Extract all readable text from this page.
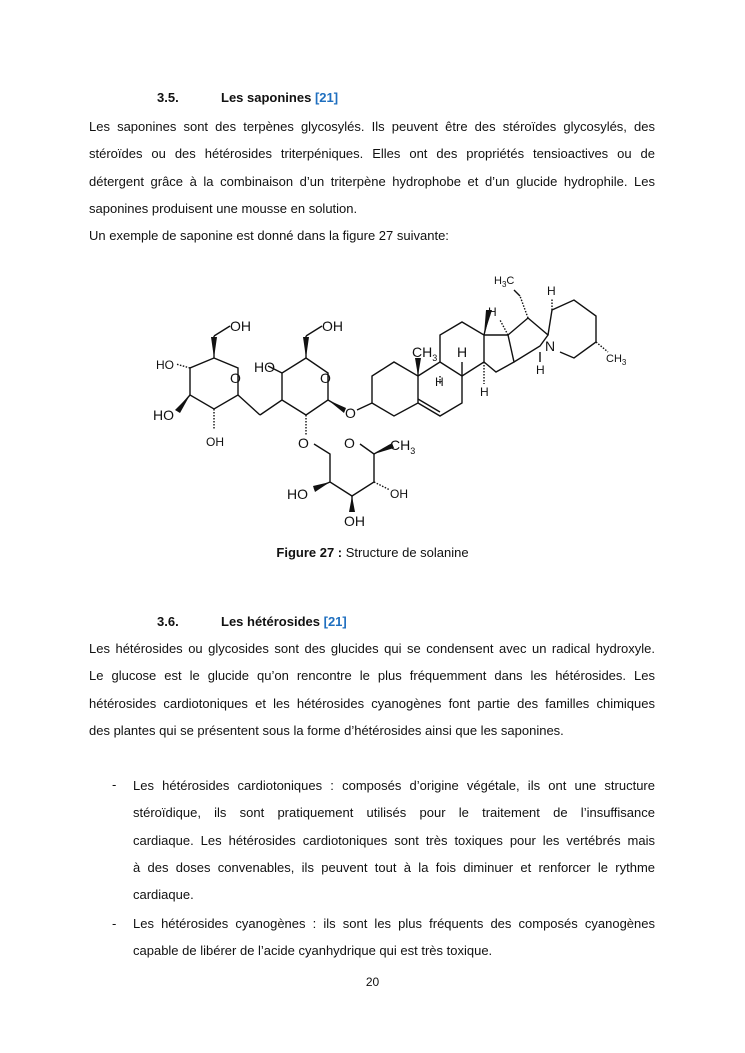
3.5.	Les saponines [21]
Les saponines sont des terpènes glycosylés. Ils peuvent être des stéroïdes glycosylés, des
stéroïdes ou des hétérosides triterpéniques. Elles ont des propriétés tensioactives ou de
détergent grâce à la combinaison d’un triterpène hydrophobe et d’un glucide hydrophile. Les
saponines produisent une mousse en solution.
Un exemple de saponine est donné dans la figure 27 suivante:
OH	OH
HO
O
HO
OH
HO
O
O
O	O	$CH_3$
HO	OH
OH
$CH_3$
H
H
H
H
$H_3C$
H
N
H
$CH_3$
Figure 27 : Structure de solanine
3.6.	Les hétérosides [21]
Les hétérosides ou glycosides sont des glucides qui se condensent avec un radical hydroxyle.
Le glucose est le glucide qu’on rencontre le plus fréquemment dans les hétérosides. Les
hétérosides cardiotoniques et les hétérosides cyanogènes font partie des familles chimiques
des plantes qui se présentent sous la forme d’hétérosides ainsi que les saponines.
- Les hétérosides cardiotoniques : composés d’origine végétale, ils ont une structure
stéroïdique, ils sont pratiquement utilisés pour le traitement de l’insuffisance
cardiaque. Les hétérosides cardiotoniques sont très toxiques pour les vertébrés mais
à des doses convenables, ils peuvent tout à la fois diminuer et renforcer le rythme
cardiaque.
- Les hétérosides cyanogènes : ils sont les plus fréquents des composés cyanogènes
capable de libérer de l’acide cyanhydrique qui est très toxique.
20
